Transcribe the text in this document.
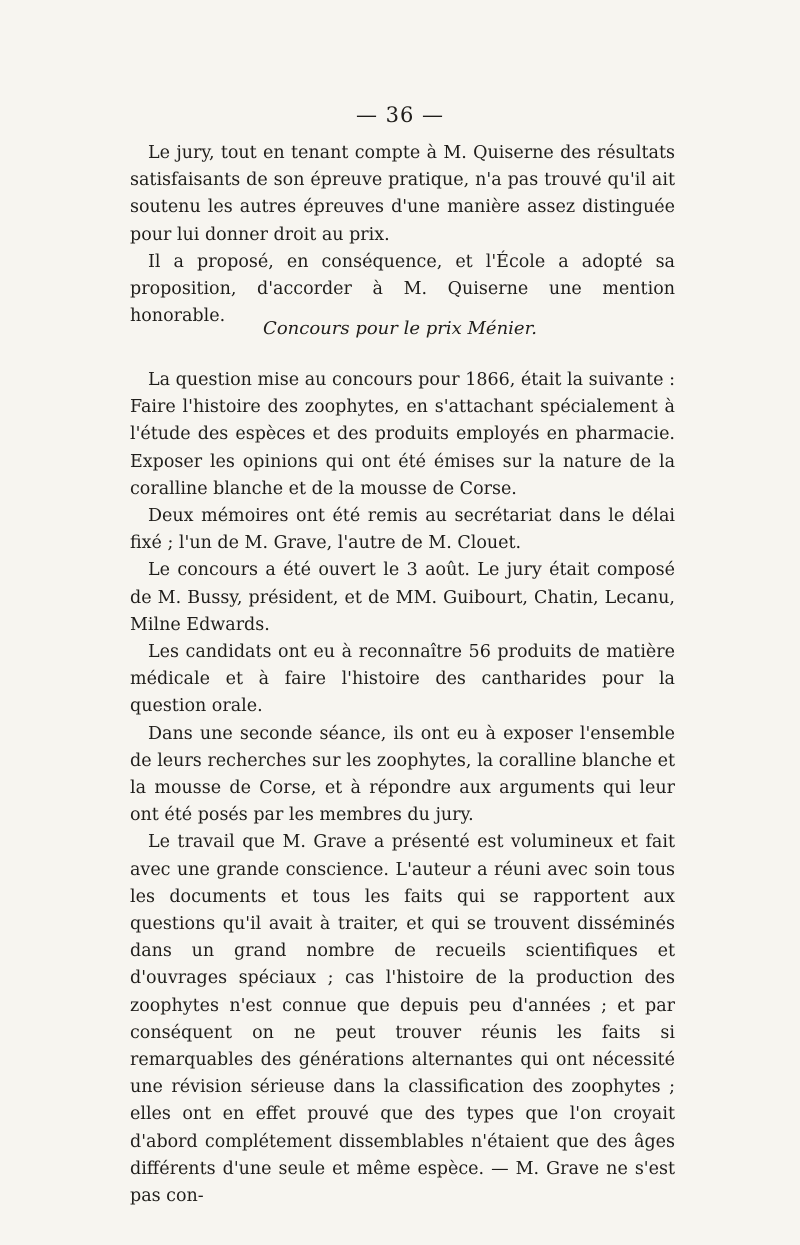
— 36 —

Le jury, tout en tenant compte à M. Quiserne des résultats satisfaisants de son épreuve pratique, n'a pas trouvé qu'il ait soutenu les autres épreuves d'une manière assez distinguée pour lui donner droit au prix.

Il a proposé, en conséquence, et l'École a adopté sa proposition, d'accorder à M. Quiserne une mention honorable.

Concours pour le prix Ménier.

La question mise au concours pour 1866, était la suivante : Faire l'histoire des zoophytes, en s'attachant spécialement à l'étude des espèces et des produits employés en pharmacie. Exposer les opinions qui ont été émises sur la nature de la coralline blanche et de la mousse de Corse.

Deux mémoires ont été remis au secrétariat dans le délai fixé ; l'un de M. Grave, l'autre de M. Clouet.

Le concours a été ouvert le 3 août. Le jury était composé de M. Bussy, président, et de MM. Guibourt, Chatin, Lecanu, Milne Edwards.

Les candidats ont eu à reconnaître 56 produits de matière médicale et à faire l'histoire des cantharides pour la question orale.

Dans une seconde séance, ils ont eu à exposer l'ensemble de leurs recherches sur les zoophytes, la coralline blanche et la mousse de Corse, et à répondre aux arguments qui leur ont été posés par les membres du jury.

Le travail que M. Grave a présenté est volumineux et fait avec une grande conscience. L'auteur a réuni avec soin tous les documents et tous les faits qui se rapportent aux questions qu'il avait à traiter, et qui se trouvent disséminés dans un grand nombre de recueils scientifiques et d'ouvrages spéciaux ; cas l'histoire de la production des zoophytes n'est connue que depuis peu d'années ; et par conséquent on ne peut trouver réunis les faits si remarquables des générations alternantes qui ont nécessité une révision sérieuse dans la classification des zoophytes ; elles ont en effet prouvé que des types que l'on croyait d'abord complétement dissemblables n'étaient que des âges différents d'une seule et même espèce. — M. Grave ne s'est pas con-
